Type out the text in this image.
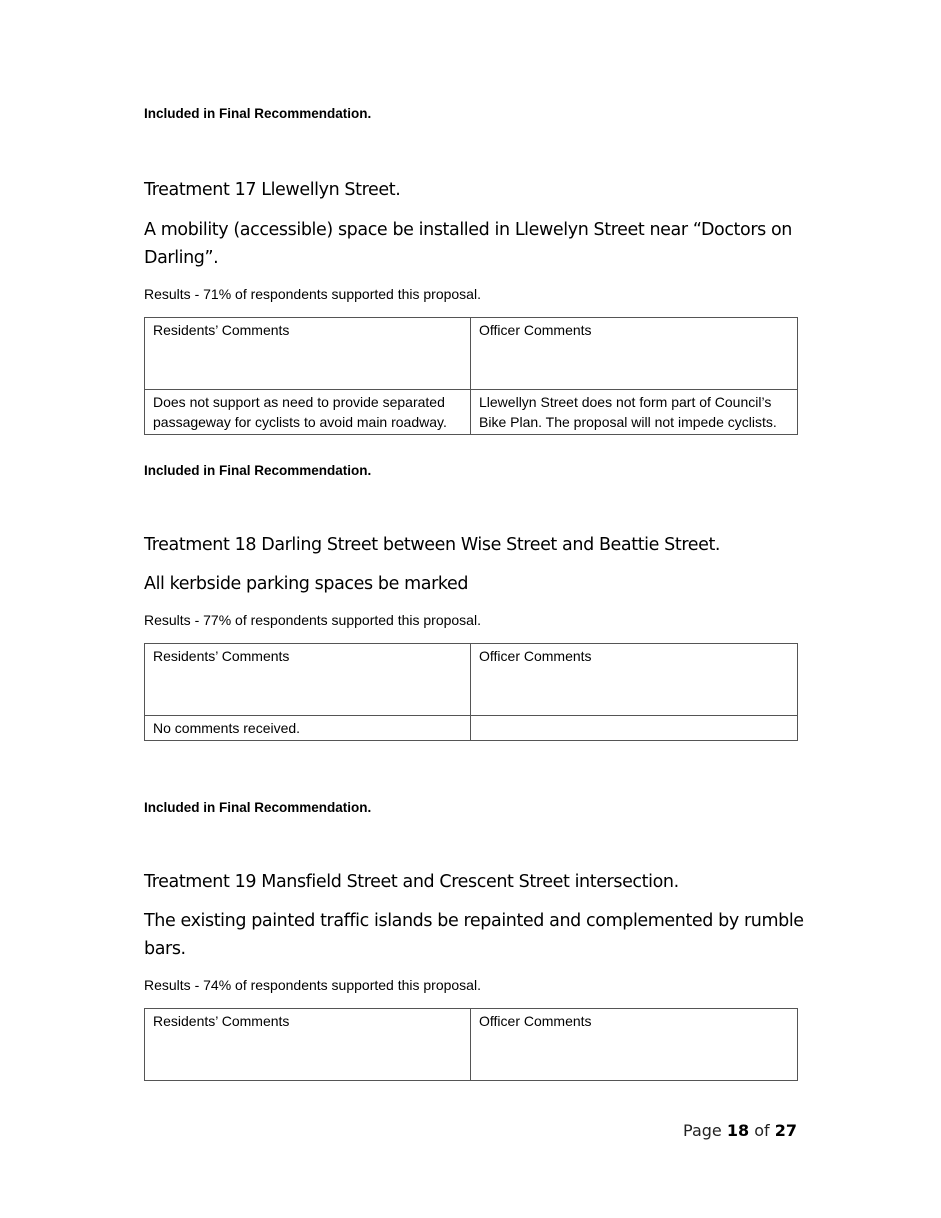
Included in Final Recommendation.
Treatment 17 Llewellyn Street.
A mobility (accessible) space be installed in Llewelyn Street near “Doctors on Darling”.
Results - 71% of respondents supported this proposal.
Residents’ Comments	Officer Comments
Does not support as need to provide separated passageway for cyclists to avoid main roadway.	Llewellyn Street does not form part of Council’s Bike Plan. The proposal will not impede cyclists.
Included in Final Recommendation.
Treatment 18 Darling Street between Wise Street and Beattie Street.
All kerbside parking spaces be marked
Results - 77% of respondents supported this proposal.
Residents’ Comments	Officer Comments
No comments received.	
Included in Final Recommendation.
Treatment 19 Mansfield Street and Crescent Street intersection.
The existing painted traffic islands be repainted and complemented by rumble bars.
Results - 74% of respondents supported this proposal.
Residents’ Comments	Officer Comments
Page 18 of 27
